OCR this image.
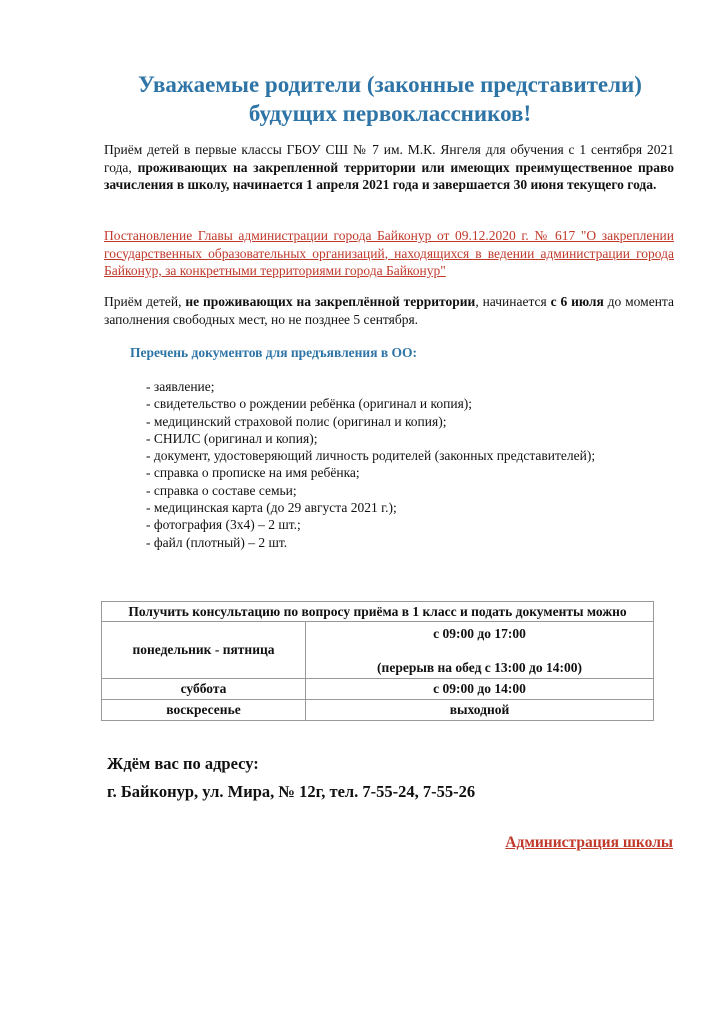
Уважаемые родители (законные представители)
будущих первоклассников!
Приём детей в первые классы ГБОУ СШ № 7 им. М.К. Янгеля для обучения с 1 сентября 2021 года, проживающих на закрепленной территории или имеющих преимущественное право зачисления в школу, начинается 1 апреля 2021 года и завершается 30 июня текущего года.
Постановление Главы администрации города Байконур от 09.12.2020 г. № 617 "О закреплении государственных образовательных организаций, находящихся в ведении администрации города Байконур, за конкретными территориями города Байконур"
Приём детей, не проживающих на закреплённой территории, начинается с 6 июля до момента заполнения свободных мест, но не позднее 5 сентября.
Перечень документов для предъявления в ОО:
- заявление;
- свидетельство о рождении ребёнка (оригинал и копия);
- медицинский страховой полис (оригинал и копия);
- СНИЛС (оригинал и копия);
- документ, удостоверяющий личность родителей (законных представителей);
- справка о прописке на имя ребёнка;
- справка о составе семьи;
- медицинская карта (до 29 августа 2021 г.);
- фотография (3х4) – 2 шт.;
- файл (плотный) – 2 шт.
Получить консультацию по вопросу приёма в 1 класс и подать документы можно	
понедельник - пятница	с 09:00 до 17:00
(перерыв на обед с 13:00 до 14:00)

суббота	с 09:00 до 14:00
воскресенье	выходной
Ждём вас по адресу:
г. Байконур, ул. Мира, № 12г, тел. 7-55-24, 7-55-26
Администрация школы
